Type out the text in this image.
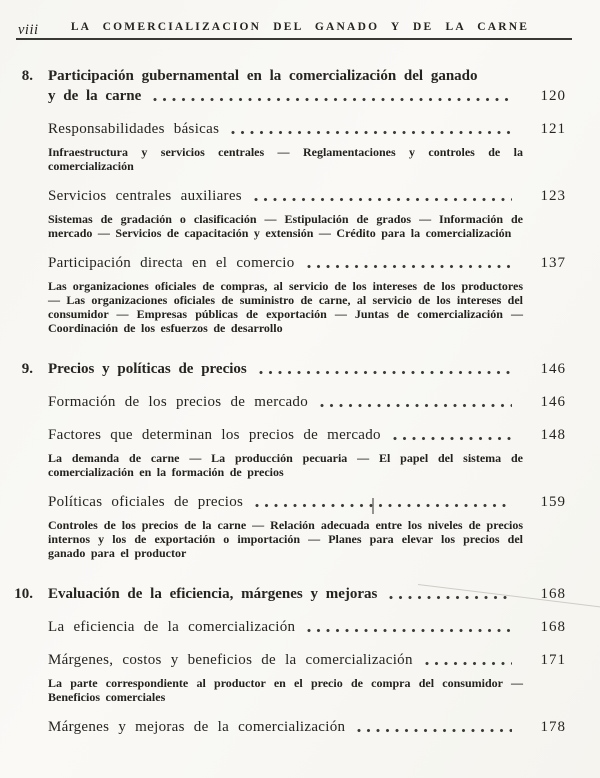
viii	LA COMERCIALIZACION DEL GANADO Y DE LA CARNE
8. Participación gubernamental en la comercialización del ganado
y de la carne	120
Responsabilidades básicas	121

Infraestructura y servicios centrales — Reglamentaciones y controles de la comercialización

Servicios centrales auxiliares	123

Sistemas de gradación o clasificación — Estipulación de grados — Información de mercado — Servicios de capacitación y extensión — Crédito para la comercialización

Participación directa en el comercio	137

Las organizaciones oficiales de compras, al servicio de los intereses de los productores — Las organizaciones oficiales de suministro de carne, al servicio de los intereses del consumidor — Empresas públicas de exportación — Juntas de comercialización — Coordinación de los esfuerzos de desarrollo

9. Precios y políticas de precios	146
Formación de los precios de mercado	146
Factores que determinan los precios de mercado	148

La demanda de carne — La producción pecuaria — El papel del sistema de comercialización en la formación de precios

Políticas oficiales de precios	159

Controles de los precios de la carne — Relación adecuada entre los niveles de precios internos y los de exportación o importación — Planes para elevar los precios del ganado para el productor

10. Evaluación de la eficiencia, márgenes y mejoras	168
La eficiencia de la comercialización	168
Márgenes, costos y beneficios de la comercialización	171

La parte correspondiente al productor en el precio de compra del consumidor — Beneficios comerciales

Márgenes y mejoras de la comercialización	178
